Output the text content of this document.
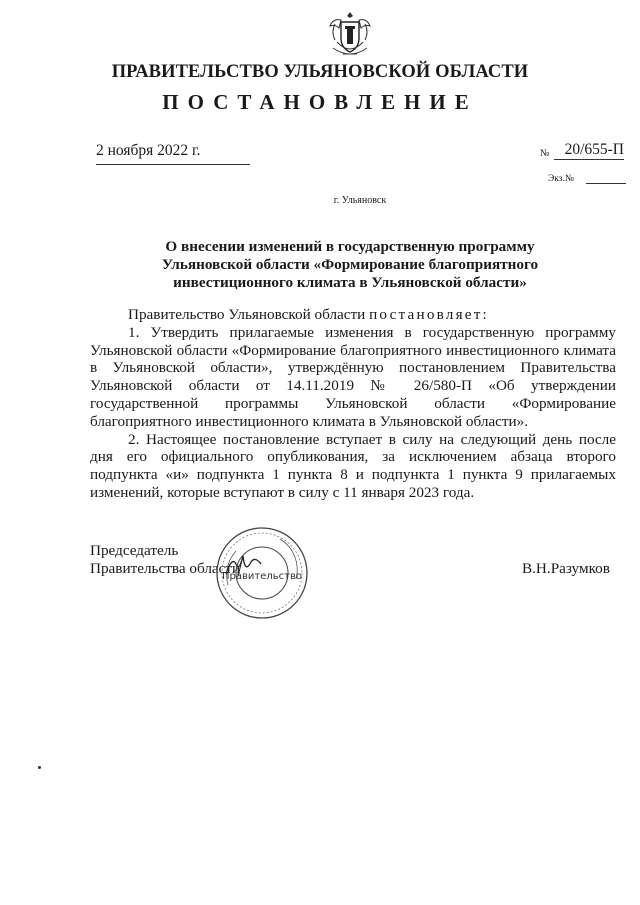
ПРАВИТЕЛЬСТВО УЛЬЯНОВСКОЙ ОБЛАСТИ
ПОСТАНОВЛЕНИЕ
2 ноября 2022 г.	№ 20/655-П
Экз.№
г. Ульяновск
О внесении изменений в государственную программу Ульяновской области «Формирование благоприятного инвестиционного климата в Ульяновской области»

Правительство Ульяновской области постановляет:

1. Утвердить прилагаемые изменения в государственную программу Ульяновской области «Формирование благоприятного инвестиционного климата в Ульяновской области», утверждённую постановлением Правительства Ульяновской области от 14.11.2019 № 26/580-П «Об утверждении государственной программы Ульяновской области «Формирование благоприятного инвестиционного климата в Ульяновской области».

2. Настоящее постановление вступает в силу на следующий день после дня его официального опубликования, за исключением абзаца второго подпункта «и» подпункта 1 пункта 8 и подпункта 1 пункта 9 прилагаемых изменений, которые вступают в силу с 11 января 2023 года.

Председатель
Правительства области	В.Н.Разумков
Правительство
